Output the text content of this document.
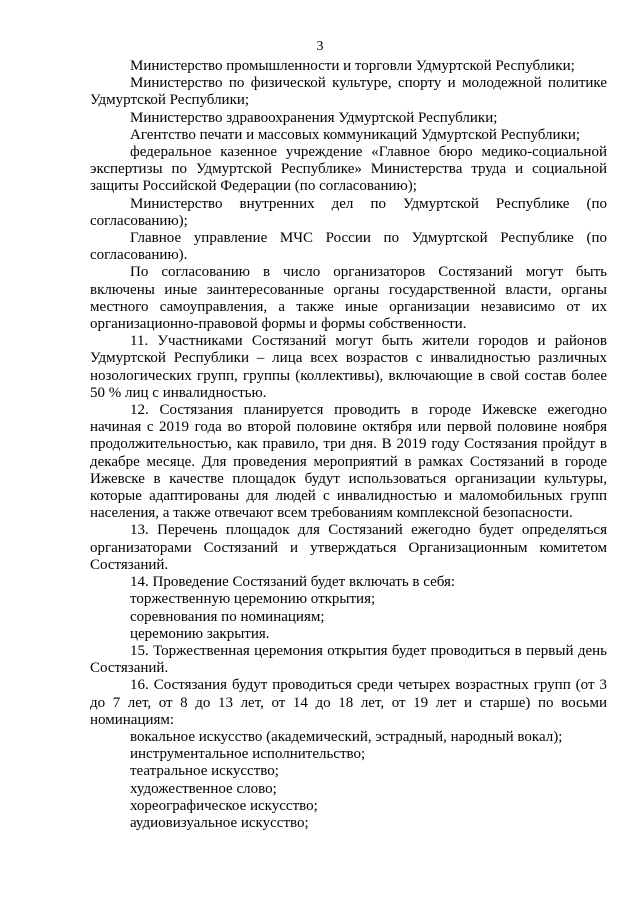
3

Министерство промышленности и торговли Удмуртской Республики;

Министерство по физической культуре, спорту и молодежной политике Удмуртской Республики;

Министерство здравоохранения Удмуртской Республики;

Агентство печати и массовых коммуникаций Удмуртской Республики;

федеральное казенное учреждение «Главное бюро медико-социальной экспертизы по Удмуртской Республике» Министерства труда и социальной защиты Российской Федерации (по согласованию);

Министерство внутренних дел по Удмуртской Республике (по согласованию);

Главное управление МЧС России по Удмуртской Республике (по согласованию).

По согласованию в число организаторов Состязаний могут быть включены иные заинтересованные органы государственной власти, органы местного самоуправления, а также иные организации независимо от их организационно-правовой формы и формы собственности.

11. Участниками Состязаний могут быть жители городов и районов Удмуртской Республики – лица всех возрастов с инвалидностью различных нозологических групп, группы (коллективы), включающие в свой состав более 50 % лиц с инвалидностью.

12. Состязания планируется проводить в городе Ижевске ежегодно начиная с 2019 года во второй половине октября или первой половине ноября продолжительностью, как правило, три дня. В 2019 году Состязания пройдут в декабре месяце. Для проведения мероприятий в рамках Состязаний в городе Ижевске в качестве площадок будут использоваться организации культуры, которые адаптированы для людей с инвалидностью и маломобильных групп населения, а также отвечают всем требованиям комплексной безопасности.

13. Перечень площадок для Состязаний ежегодно будет определяться организаторами Состязаний и утверждаться Организационным комитетом Состязаний.

14. Проведение Состязаний будет включать в себя:

торжественную церемонию открытия;

соревнования по номинациям;

церемонию закрытия.

15. Торжественная церемония открытия будет проводиться в первый день Состязаний.

16. Состязания будут проводиться среди четырех возрастных групп (от 3 до 7 лет, от 8 до 13 лет, от 14 до 18 лет, от 19 лет и старше) по восьми номинациям:

вокальное искусство (академический, эстрадный, народный вокал);

инструментальное исполнительство;

театральное искусство;

художественное слово;

хореографическое искусство;

аудиовизуальное искусство;
